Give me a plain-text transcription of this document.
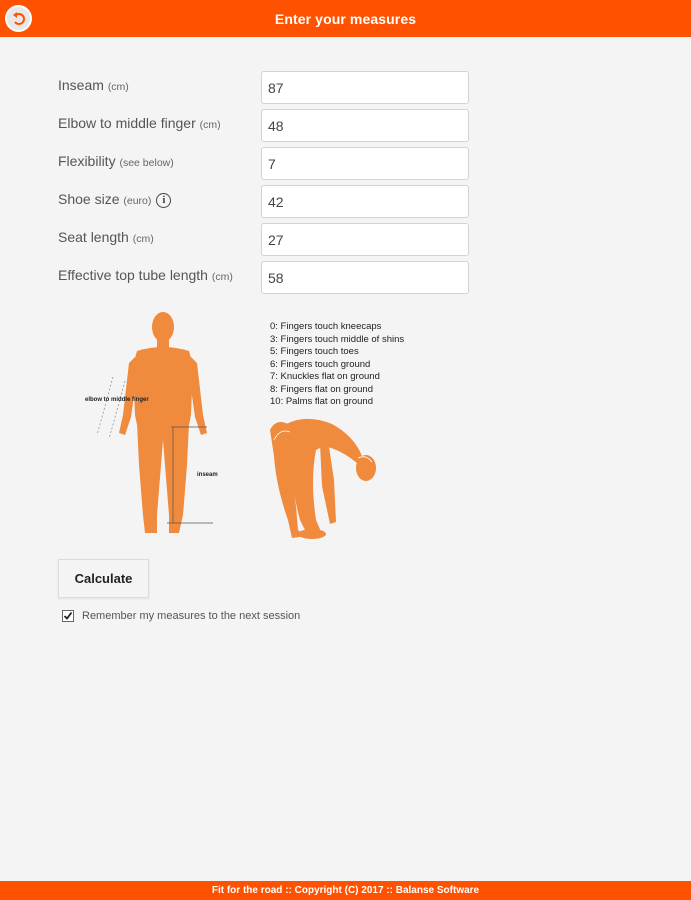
Enter your measures
Inseam (cm)
87
Elbow to middle finger (cm)
48
Flexibility (see below)
7
Shoe size (euro) i
42
Seat length (cm)
27
Effective top tube length (cm)
58
elbow to middle finger
inseam
0: Fingers touch kneecaps
3: Fingers touch middle of shins
5: Fingers touch toes
6: Fingers touch ground
7: Knuckles flat on ground
8: Fingers flat on ground
10: Palms flat on ground
Calculate
Remember my measures to the next session
Fit for the road :: Copyright (C) 2017 :: Balanse Software
